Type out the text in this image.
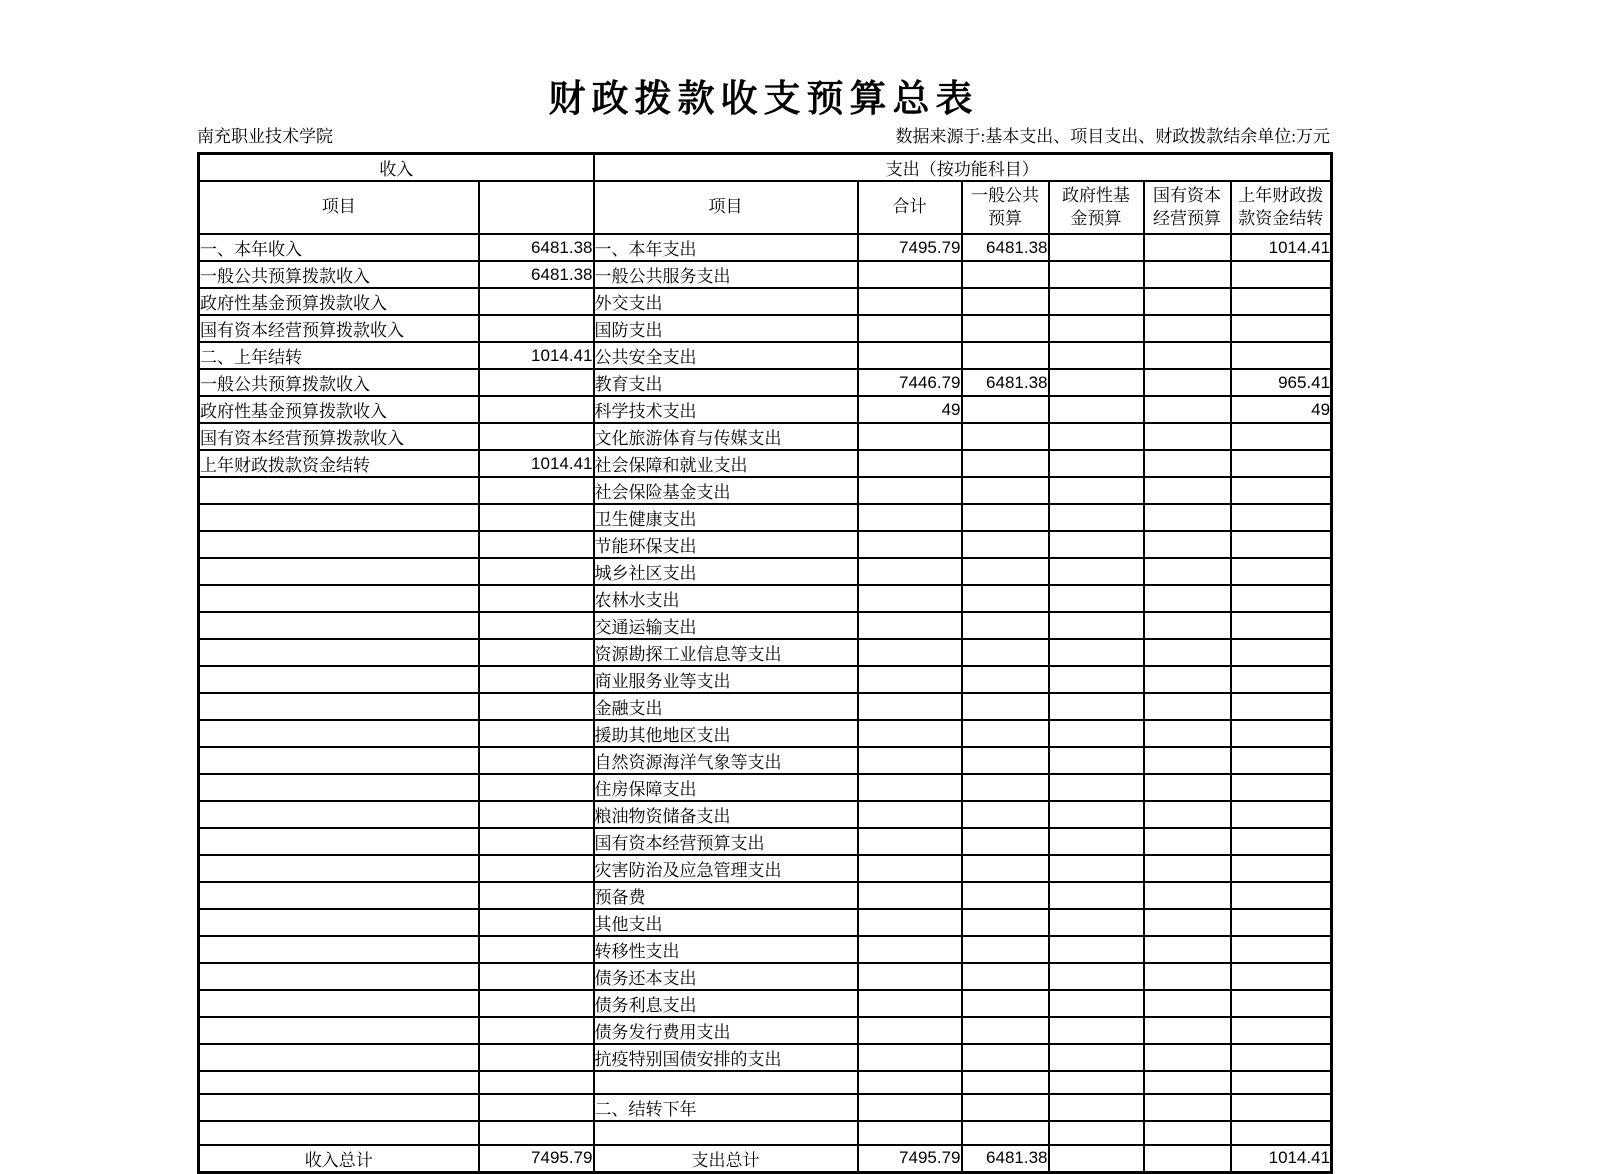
财政拨款收支预算总表
南充职业技术学院	数据来源于:基本支出、项目支出、财政拨款结余单位:万元
收入		支出（按功能科目）					
项目		项目	合计	一般公共预算	政府性基金预算	国有资本经营预算	上年财政拨款资金结转
一、本年收入	6481.38	一、本年支出	7495.79	6481.38			1014.41
一般公共预算拨款收入	6481.38	一般公共服务支出					
政府性基金预算拨款收入		外交支出					
国有资本经营预算拨款收入		国防支出					
二、上年结转	1014.41	公共安全支出					
一般公共预算拨款收入		教育支出	7446.79	6481.38			965.41
政府性基金预算拨款收入		科学技术支出	49				49
国有资本经营预算拨款收入		文化旅游体育与传媒支出					
上年财政拨款资金结转	1014.41	社会保障和就业支出					
		社会保险基金支出					
		卫生健康支出					
		节能环保支出					
		城乡社区支出					
		农林水支出					
		交通运输支出					
		资源勘探工业信息等支出					
		商业服务业等支出					
		金融支出					
		援助其他地区支出					
		自然资源海洋气象等支出					
		住房保障支出					
		粮油物资储备支出					
		国有资本经营预算支出					
		灾害防治及应急管理支出					
		预备费					
		其他支出					
		转移性支出					
		债务还本支出					
		债务利息支出					
		债务发行费用支出					
		抗疫特别国债安排的支出					

		二、结转下年					

收入总计	7495.79	支出总计	7495.79	6481.38			1014.41
